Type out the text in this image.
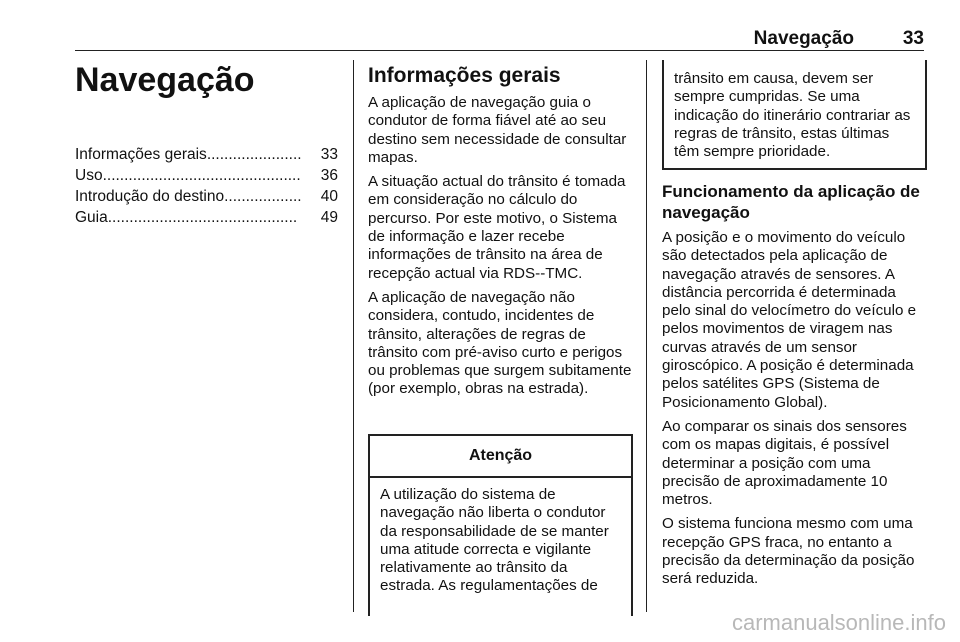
Navegação	33
Navegação
Informações gerais ......................	33
Uso ..............................................	36
Introdução do destino ..................	40
Guia ............................................	49
Informações gerais

A aplicação de navegação guia o condutor de forma fiável até ao seu destino sem necessidade de consultar mapas.

A situação actual do trânsito é tomada em consideração no cálculo do percurso. Por este motivo, o Sistema de informação e lazer recebe informações de trânsito na área de recepção actual via RDS--TMC.

A aplicação de navegação não considera, contudo, incidentes de trânsito, alterações de regras de trânsito com pré-aviso curto e perigos ou problemas que surgem subitamente (por exemplo, obras na estrada).

Atenção
A utilização do sistema de navegação não liberta o condutor da responsabilidade de se manter uma atitude correcta e vigilante relativamente ao trânsito da estrada. As regulamentações de
trânsito em causa, devem ser sempre cumpridas. Se uma indicação do itinerário contrariar as regras de trânsito, estas últimas têm sempre prioridade.
Funcionamento da aplicação de navegação

A posição e o movimento do veículo são detectados pela aplicação de navegação através de sensores. A distância percorrida é determinada pelo sinal do velocímetro do veículo e pelos movimentos de viragem nas curvas através de um sensor giroscópico. A posição é determinada pelos satélites GPS (Sistema de Posicionamento Global).

Ao comparar os sinais dos sensores com os mapas digitais, é possível determinar a posição com uma precisão de aproximadamente 10 metros.

O sistema funciona mesmo com uma recepção GPS fraca, no entanto a precisão da determinação da posição será reduzida.

carmanualsonline.info
